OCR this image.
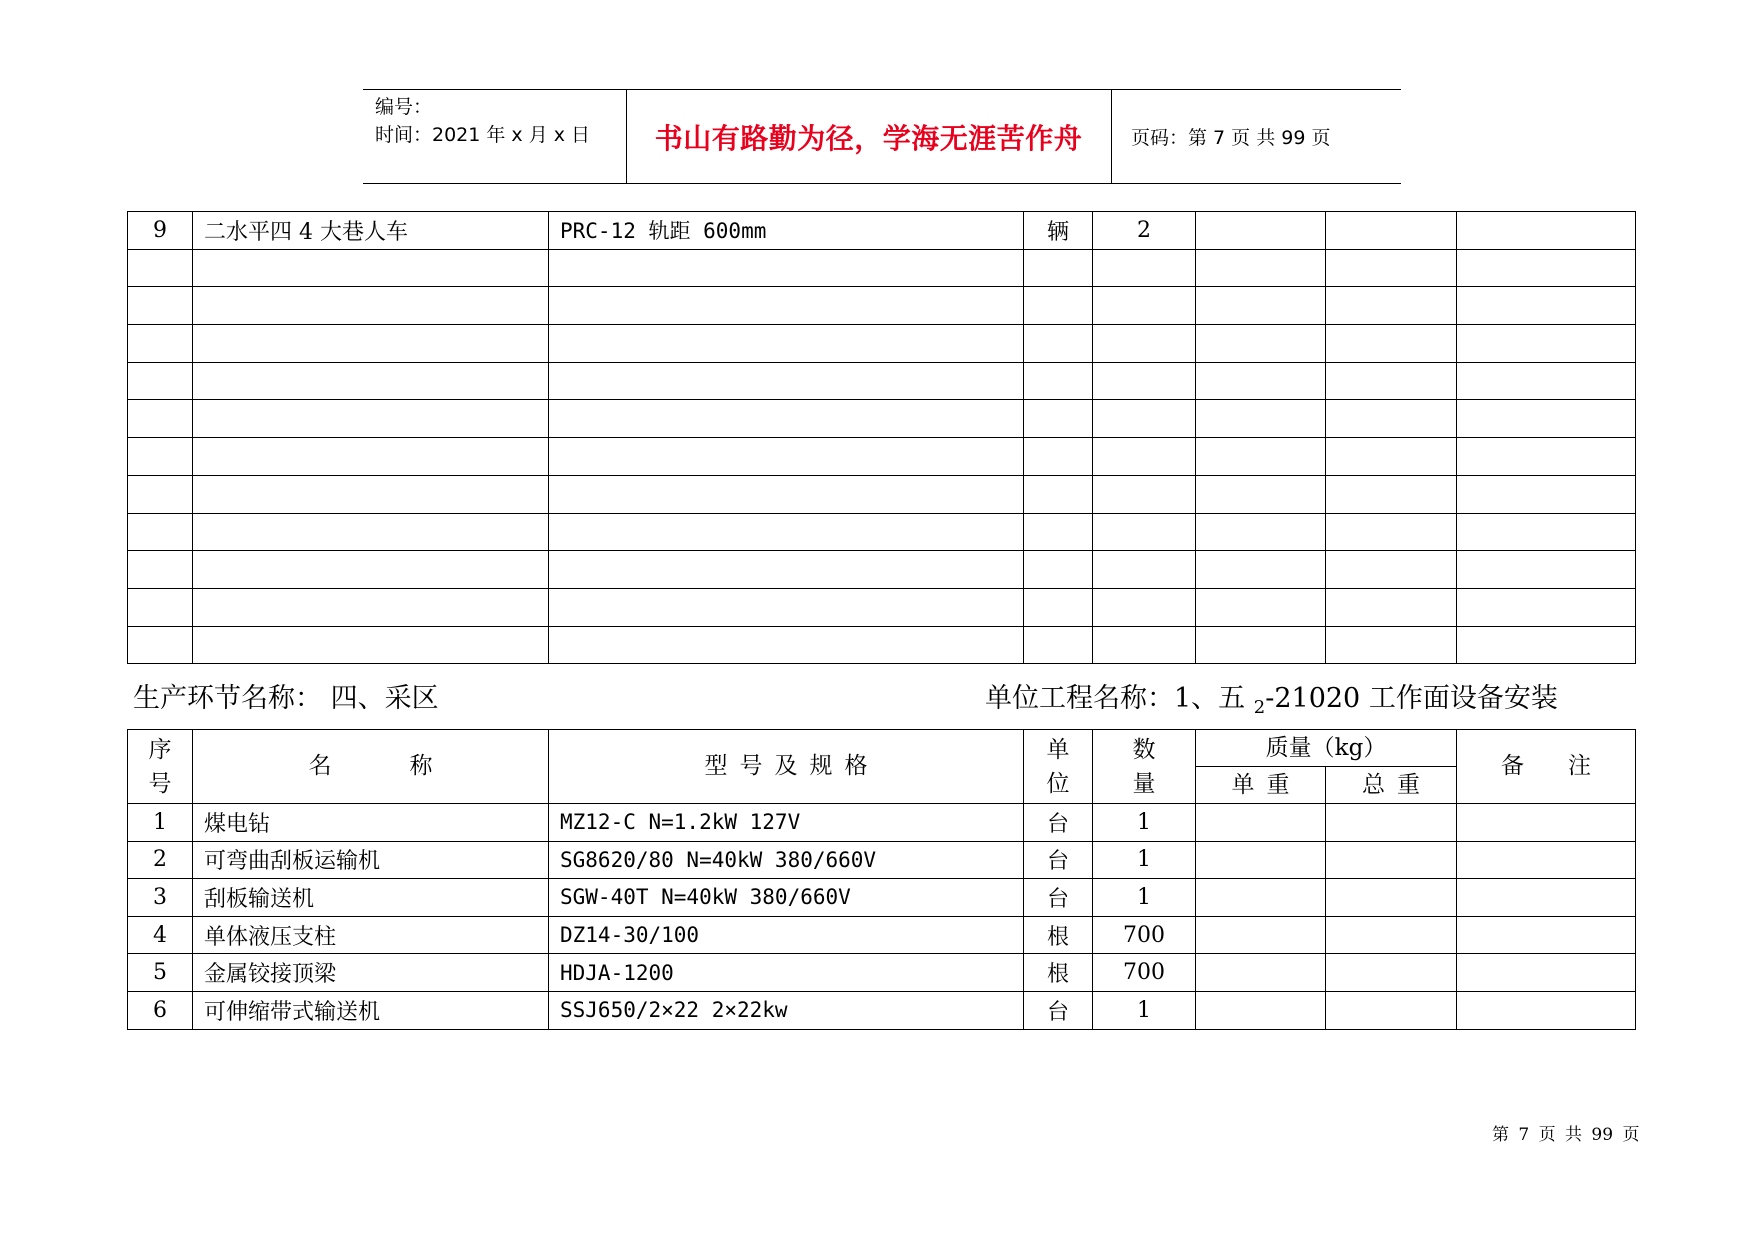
编号：
时间：2021 年 x 月 x 日	书山有路勤为径，学海无涯苦作舟	页码：第 7 页 共 99 页
9	二水平四 4 大巷人车	PRC-12 轨距 600mm	辆	2			

生产环节名称： 四、采区	单位工程名称：1、五 $_2$-21020 工作面设备安装
序号	名称	型号及规格	单位	数量	质量（kg）		备注
					单重	总重	
1	煤电钻	MZ12-C N=1.2kW 127V	台	1			
2	可弯曲刮板运输机	SG8620/80 N=40kW 380/660V	台	1			
3	刮板输送机	SGW-40T N=40kW 380/660V	台	1			
4	单体液压支柱	DZ14-30/100	根	700			
5	金属铰接顶梁	HDJA-1200	根	700			
6	可伸缩带式输送机	SSJ650/2×22 2×22kw	台	1			
第 7 页 共 99 页
